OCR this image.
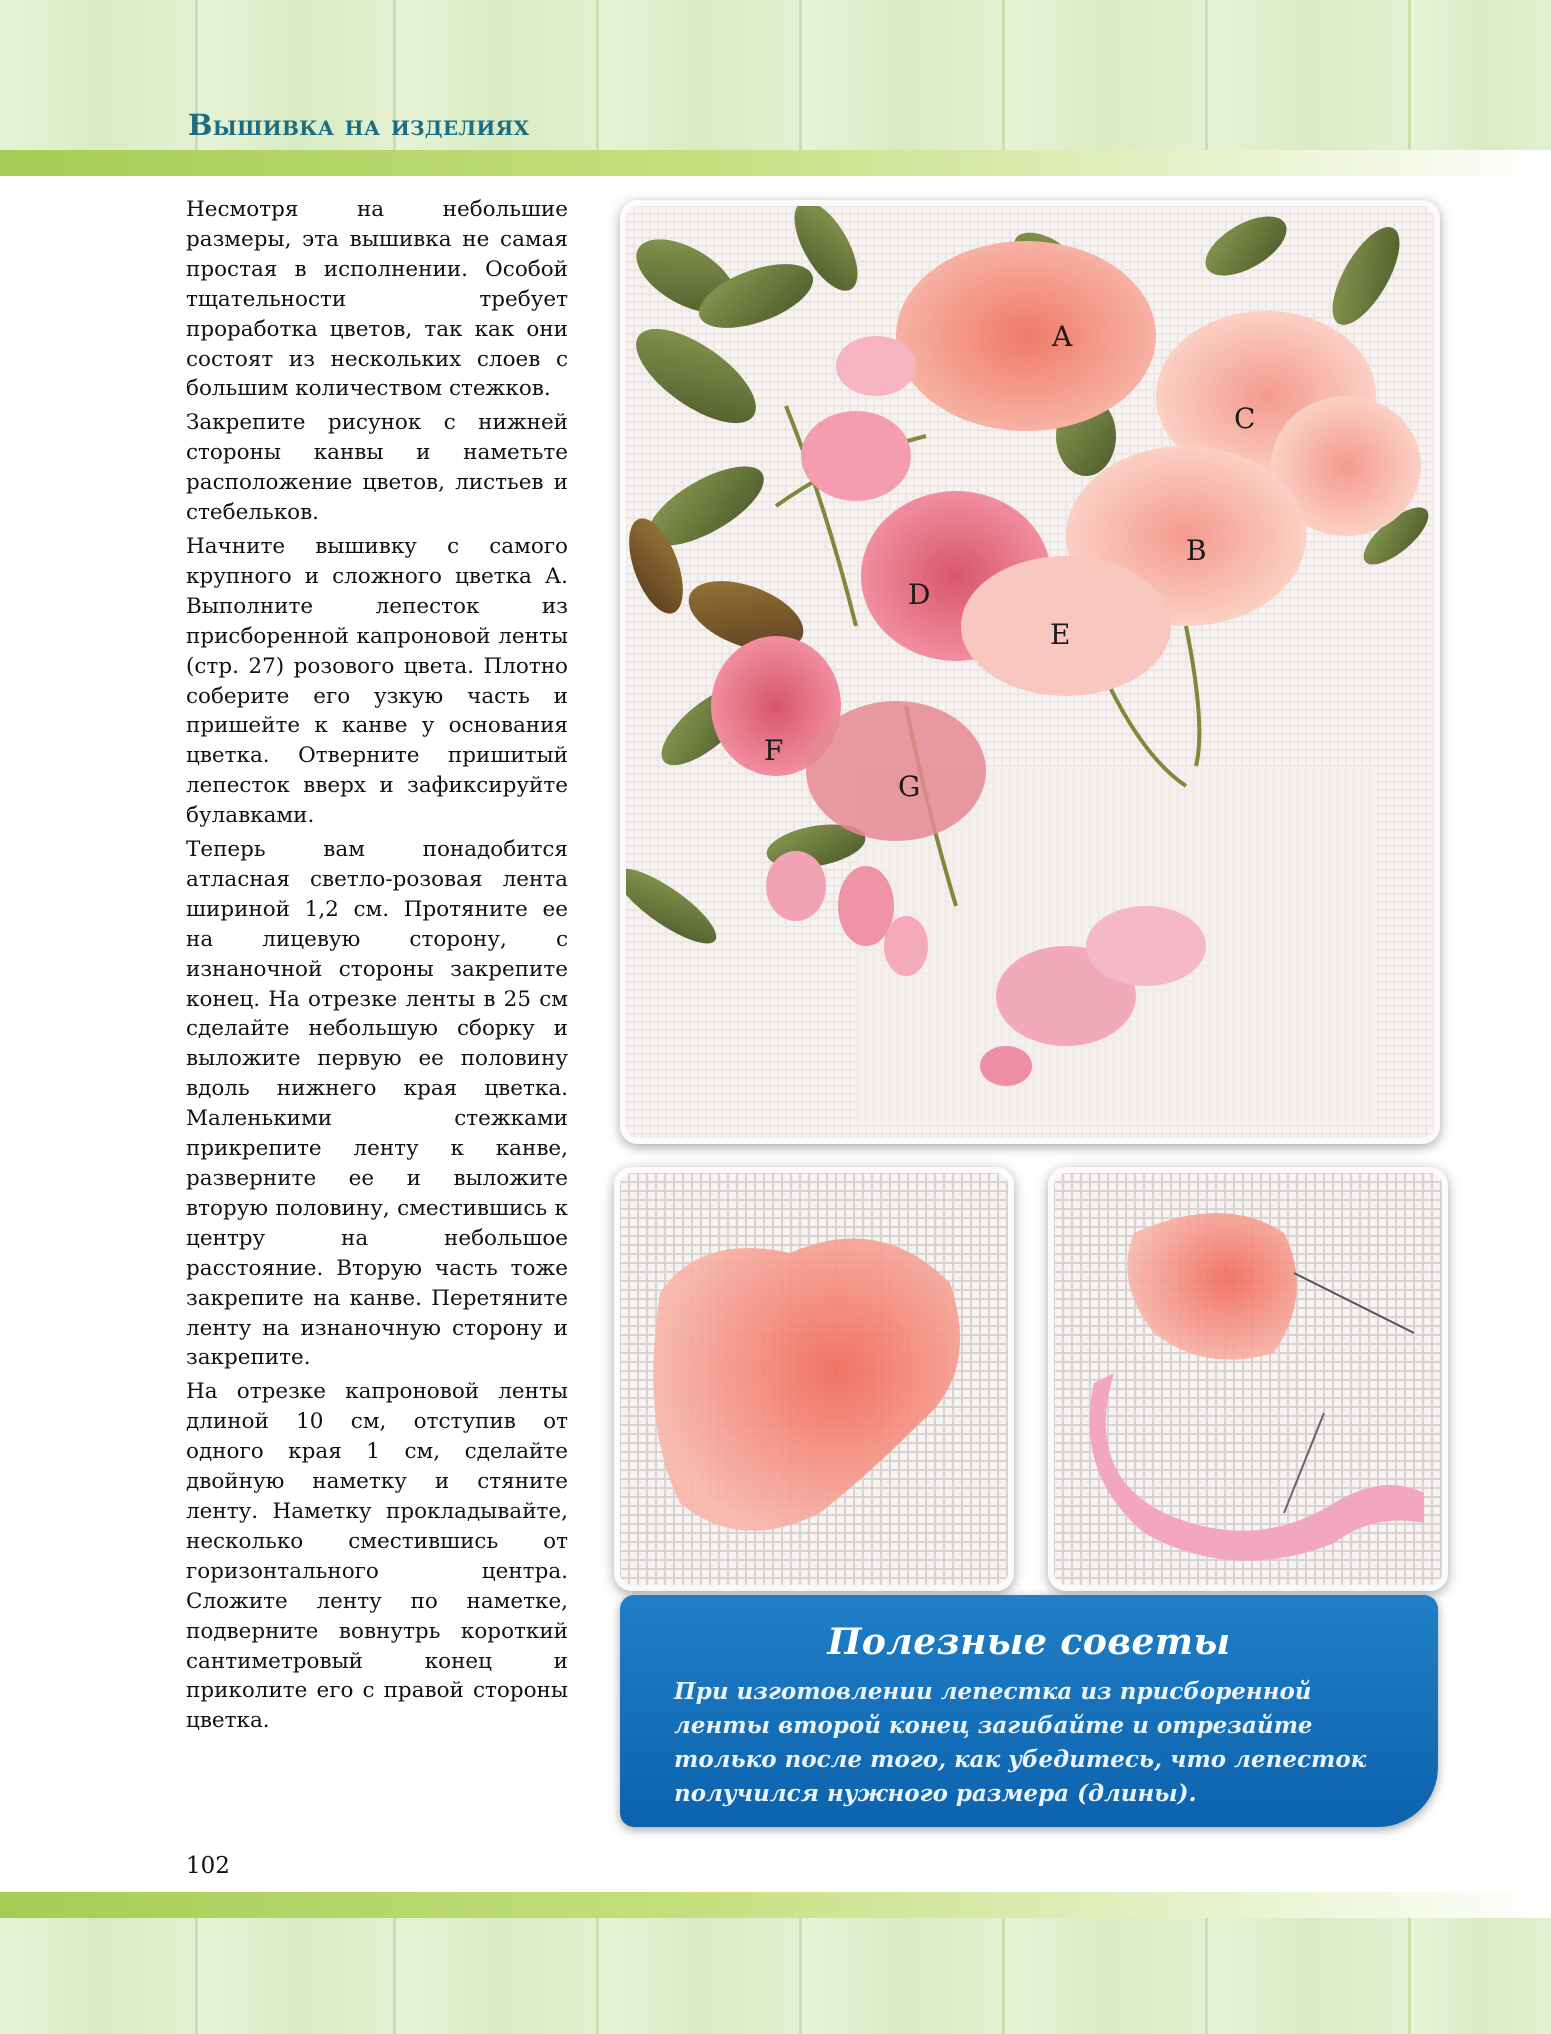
Вышивка на изделиях

Несмотря на небольшие размеры, эта вышивка не самая простая в исполнении. Особой тщательности требует проработка цветов, так как они состоят из нескольких слоев с большим количеством стежков.

Закрепите рисунок с нижней стороны канвы и наметьте расположение цветов, листьев и стебельков.

Начните вышивку с самого крупного и сложного цветка А. Выполните лепесток из присборенной капроновой ленты (стр. 27) розового цвета. Плотно соберите его узкую часть и пришейте к канве у основания цветка. Отверните пришитый лепесток вверх и зафиксируйте булавками.

Теперь вам понадобится атласная светло-розовая лента шириной 1,2 см. Протяните ее на лицевую сторону, с изнаночной стороны закрепите конец. На отрезке ленты в 25 см сделайте небольшую сборку и выложите первую ее половину вдоль нижнего края цветка. Маленькими стежками прикрепите ленту к канве, разверните ее и выложите вторую половину, сместившись к центру на небольшое расстояние. Вторую часть тоже закрепите на канве. Перетяните ленту на изнаночную сторону и закрепите.

На отрезке капроновой ленты длиной 10 см, отступив от одного края 1 см, сделайте двойную наметку и стяните ленту. Наметку прокладывайте, несколько сместившись от горизонтального центра. Сложите ленту по наметке, подверните вовнутрь короткий сантиметровый конец и приколите его с правой стороны цветка.

A
C
B
D
E
F
G
Полезные советы
При изготовлении лепестка из присборенной ленты второй конец загибайте и отрезайте только после того, как убедитесь, что лепесток получился нужного размера (длины).
102
